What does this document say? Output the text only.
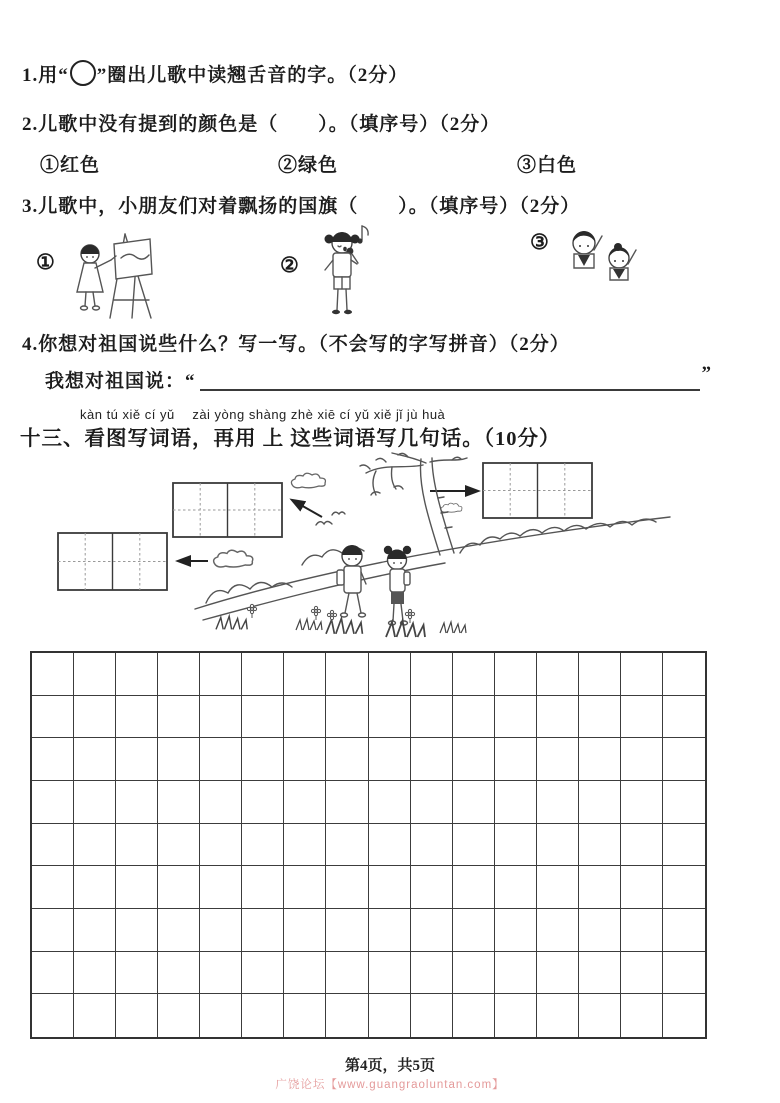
1.用“ ”圈出儿歌中读翘舌音的字。（2分）
2.儿歌中没有提到的颜色是（　　）。（填序号）（2分）
①红色	②绿色	③白色
3.儿歌中，小朋友们对着飘扬的国旗（　　）。（填序号）（2分）
①	②
③
4.你想对祖国说些什么？写一写。（不会写的字写拼音）（2分）
我想对祖国说：“	”
kàn tú xiě cí yǔ　 zài yòng shàng zhè xiē cí yǔ xiě jǐ jù huà
十三、看图写词语，再用 上 这些词语写几句话。（10分）
第4页，共5页
广饶论坛【www.guangraoluntan.com】
